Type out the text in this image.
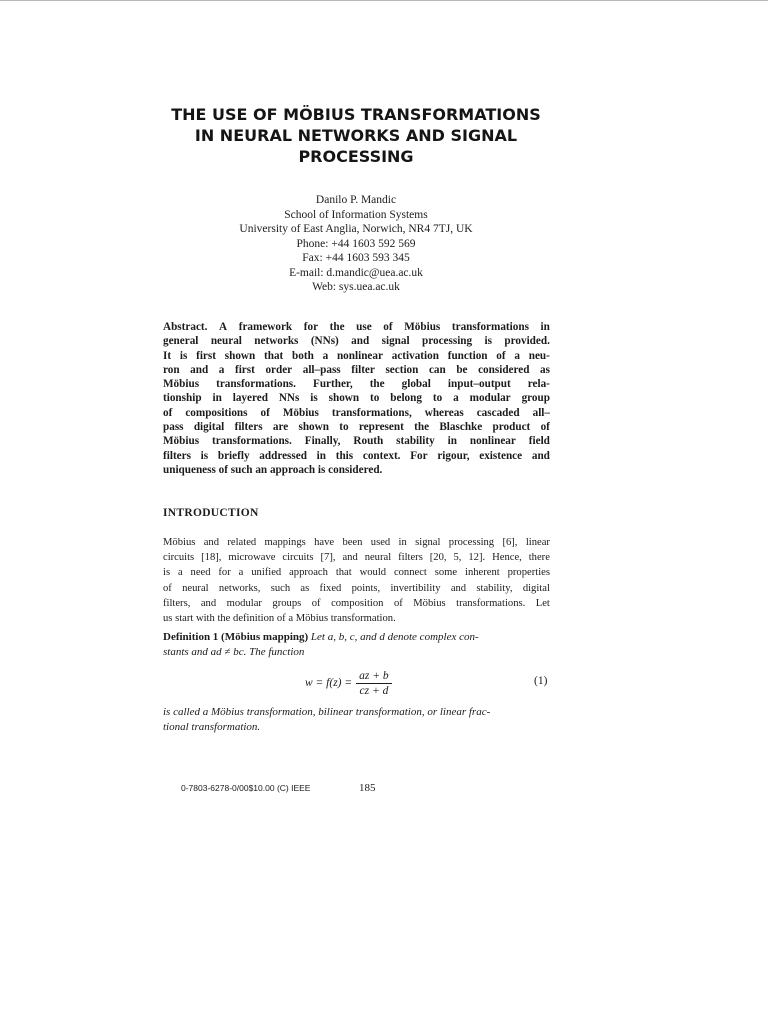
THE USE OF MÖBIUS TRANSFORMATIONS
IN NEURAL NETWORKS AND SIGNAL
PROCESSING
Danilo P. Mandic
School of Information Systems
University of East Anglia, Norwich, NR4 7TJ, UK
Phone: +44 1603 592 569
Fax: +44 1603 593 345
E-mail: d.mandic@uea.ac.uk
Web: sys.uea.ac.uk
Abstract. A framework for the use of Möbius transformations in
general neural networks (NNs) and signal processing is provided.
It is first shown that both a nonlinear activation function of a neu-
ron and a first order all–pass filter section can be considered as
Möbius transformations. Further, the global input–output rela-
tionship in layered NNs is shown to belong to a modular group
of compositions of Möbius transformations, whereas cascaded all–
pass digital filters are shown to represent the Blaschke product of
Möbius transformations. Finally, Routh stability in nonlinear field
filters is briefly addressed in this context. For rigour, existence and
uniqueness of such an approach is considered.
INTRODUCTION
Möbius and related mappings have been used in signal processing [6], linear
circuits [18], microwave circuits [7], and neural filters [20, 5, 12]. Hence, there
is a need for a unified approach that would connect some inherent properties
of neural networks, such as fixed points, invertibility and stability, digital
filters, and modular groups of composition of Möbius transformations. Let
us start with the definition of a Möbius transformation.
Definition 1 (Möbius mapping) Let a, b, c, and d denote complex con-
stants and ad ≠ bc. The function
$w = f(z) = \frac{az + b}{cz + d}$	(1)
is called a Möbius transformation, bilinear transformation, or linear frac-
tional transformation.
0-7803-6278-0/00$10.00 (C) IEEE	185
